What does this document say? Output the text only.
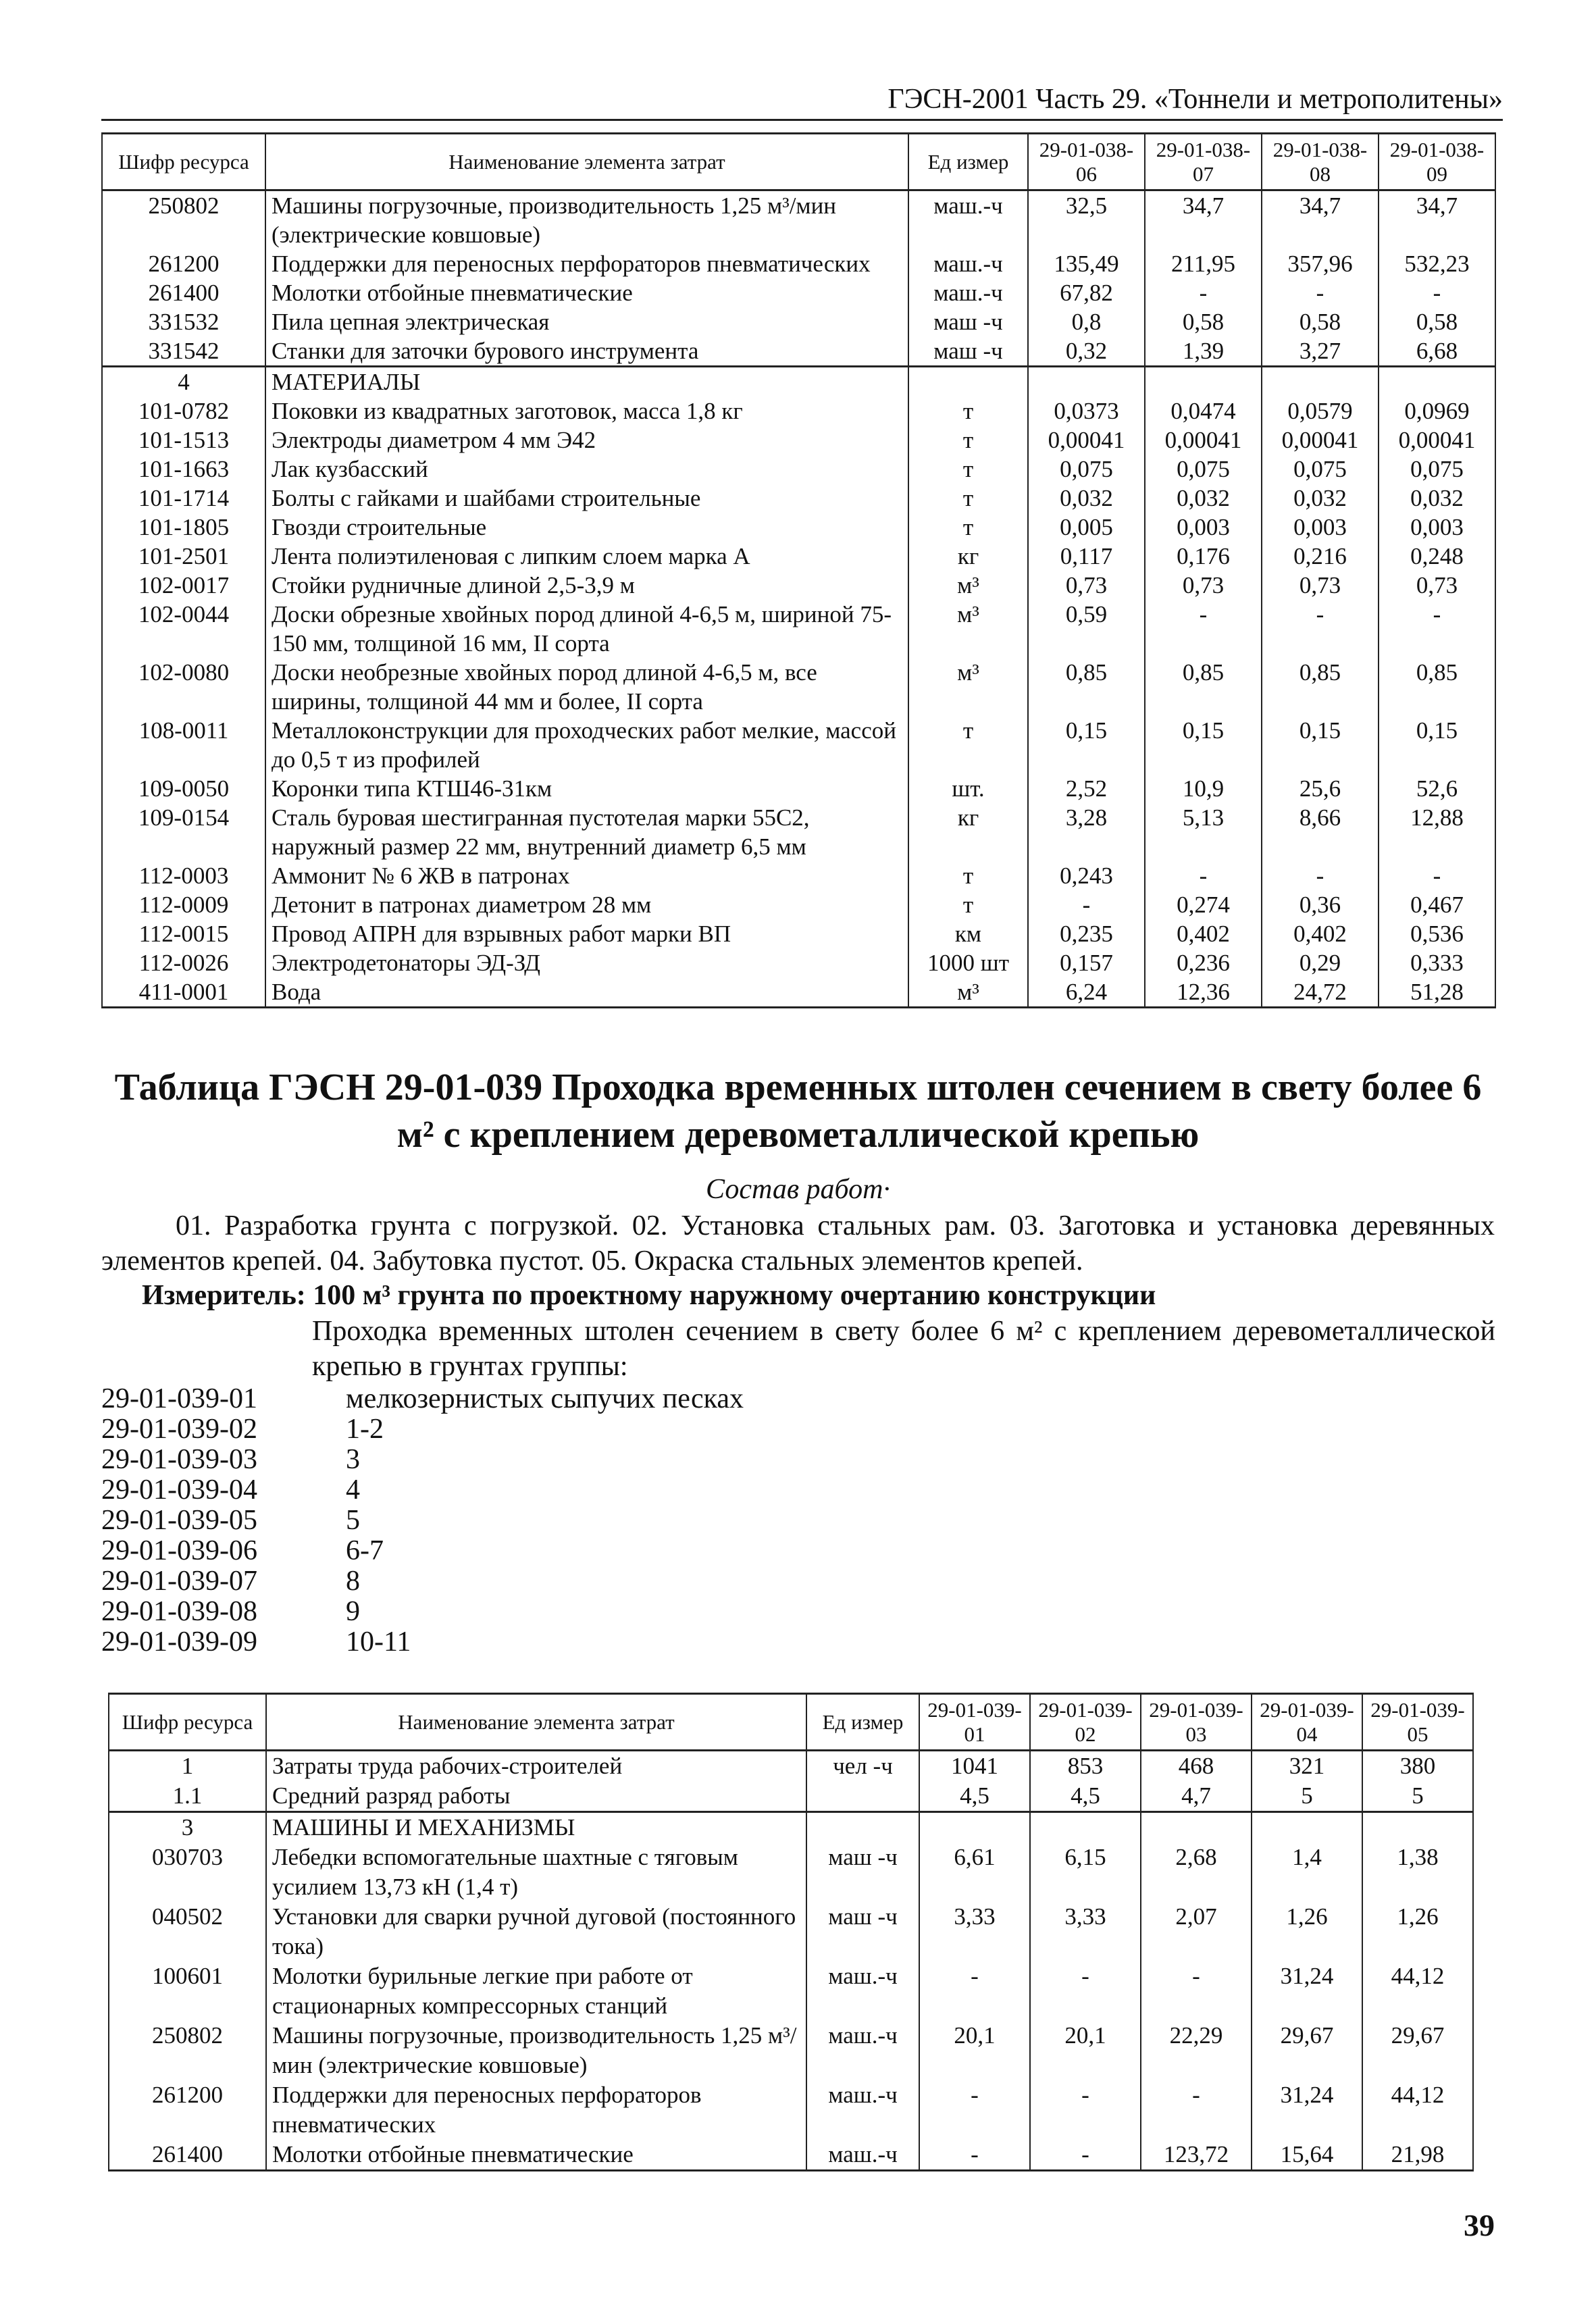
ГЭСН-2001 Часть 29. «Тоннели и метрополитены»
Шифр ресурса	Наименование элемента затрат	Ед измер	29-01-038-06	29-01-038-07	29-01-038-08	29-01-038-09
250802	Машины погрузочные, производительность 1,25 м³/мин (электрические ковшовые)	маш.-ч	32,5	34,7	34,7	34,7
261200	Поддержки для переносных перфораторов пневматических	маш.-ч	135,49	211,95	357,96	532,23
261400	Молотки отбойные пневматические	маш.-ч	67,82	-	-	-
331532	Пила цепная электрическая	маш -ч	0,8	0,58	0,58	0,58
331542	Станки для заточки бурового инструмента	маш -ч	0,32	1,39	3,27	6,68
4	МАТЕРИАЛЫ					
101-0782	Поковки из квадратных заготовок, масса 1,8 кг	т	0,0373	0,0474	0,0579	0,0969
101-1513	Электроды диаметром 4 мм Э42	т	0,00041	0,00041	0,00041	0,00041
101-1663	Лак кузбасский	т	0,075	0,075	0,075	0,075
101-1714	Болты с гайками и шайбами строительные	т	0,032	0,032	0,032	0,032
101-1805	Гвозди строительные	т	0,005	0,003	0,003	0,003
101-2501	Лента полиэтиленовая с липким слоем марка А	кг	0,117	0,176	0,216	0,248
102-0017	Стойки рудничные длиной 2,5-3,9 м	м³	0,73	0,73	0,73	0,73
102-0044	Доски обрезные хвойных пород длиной 4-6,5 м, шириной 75-150 мм, толщиной 16 мм, II сорта	м³	0,59	-	-	-
102-0080	Доски необрезные хвойных пород длиной 4-6,5 м, все ширины, толщиной 44 мм и более, II сорта	м³	0,85	0,85	0,85	0,85
108-0011	Металлоконструкции для проходческих работ мелкие, массой до 0,5 т из профилей	т	0,15	0,15	0,15	0,15
109-0050	Коронки типа КТШ46-31км	шт.	2,52	10,9	25,6	52,6
109-0154	Сталь буровая шестигранная пустотелая марки 55С2, наружный размер 22 мм, внутренний диаметр 6,5 мм	кг	3,28	5,13	8,66	12,88
112-0003	Аммонит № 6 ЖВ в патронах	т	0,243	-	-	-
112-0009	Детонит в патронах диаметром 28 мм	т	-	0,274	0,36	0,467
112-0015	Провод АПРН для взрывных работ марки ВП	км	0,235	0,402	0,402	0,536
112-0026	Электродетонаторы ЭД-ЗД	1000 шт	0,157	0,236	0,29	0,333
411-0001	Вода	м³	6,24	12,36	24,72	51,28
Таблица ГЭСН 29-01-039 Проходка временных штолен сечением в свету более 6 м² с креплением деревометаллической крепью
Состав работ·
01. Разработка грунта с погрузкой. 02. Установка стальных рам. 03. Заготовка и установка деревянных элементов крепей. 04. Забутовка пустот. 05. Окраска стальных элементов крепей.
Измеритель: 100 м³ грунта по проектному наружному очертанию конструкции
Проходка временных штолен сечением в свету более 6 м² с креплением деревометаллической крепью в грунтах группы:
29-01-039-01	мелкозернистых сыпучих песках
29-01-039-02	1-2
29-01-039-03	3
29-01-039-04	4
29-01-039-05	5
29-01-039-06	6-7
29-01-039-07	8
29-01-039-08	9
29-01-039-09	10-11
Шифр ресурса	Наименование элемента затрат	Ед измер	29-01-039-01	29-01-039-02	29-01-039-03	29-01-039-04	29-01-039-05
1	Затраты труда рабочих-строителей	чел -ч	1041	853	468	321	380
1.1	Средний разряд работы		4,5	4,5	4,7	5	5
3	МАШИНЫ И МЕХАНИЗМЫ						
030703	Лебедки вспомогательные шахтные с тяговым усилием 13,73 кН (1,4 т)	маш -ч	6,61	6,15	2,68	1,4	1,38
040502	Установки для сварки ручной дуговой (постоянного тока)	маш -ч	3,33	3,33	2,07	1,26	1,26
100601	Молотки бурильные легкие при работе от стационарных компрессорных станций	маш.-ч	-	-	-	31,24	44,12
250802	Машины погрузочные, производительность 1,25 м³/мин (электрические ковшовые)	маш.-ч	20,1	20,1	22,29	29,67	29,67
261200	Поддержки для переносных перфораторов пневматических	маш.-ч	-	-	-	31,24	44,12
261400	Молотки отбойные пневматические	маш.-ч	-	-	123,72	15,64	21,98
39
